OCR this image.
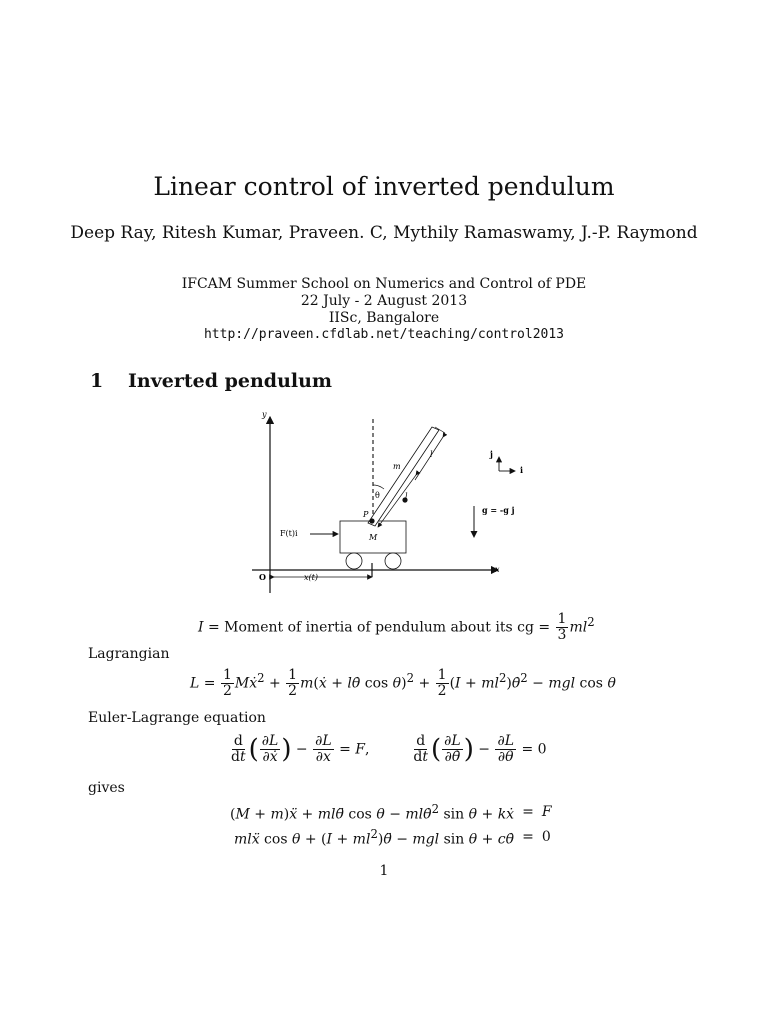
Linear control of inverted pendulum
Deep Ray, Ritesh Kumar, Praveen. C, Mythily Ramaswamy, J.-P. Raymond
IFCAM Summer School on Numerics and Control of PDE
22 July - 2 August 2013
IISc, Bangalore
http://praveen.cfdlab.net/teaching/control2013
1 Inverted pendulum
y
x
O	x(t)
M
F(t)i
P
m
θ
l
l
j
i
g = -g j
I = Moment of inertia of pendulum about its cg = $\frac{1}{3} ml^2$
Lagrangian
$L = \frac{1}{2}$ Mẋ$^2$ + $\frac{1}{2}$ m(ẋ + lθ̇ $\cos \theta)^2 + \frac{1}{2} (I$ + $ml^2)\thetȧ^2$ − mgl cos θ
Euler-Lagrange equation
$\frac{d}{dt}$ ( $\frac{\partial L}{\text{∂ẋ}}$ ) − $\frac{\partial L}{\partial x} = F$,	$\frac{d}{dt}$ ( $\frac{\partial L}{\partial\thetȧ}$ ) − $\frac{\partial L}{\partial\theta} = 0$
gives
(M + m)ẍ + mlθ̈ cos θ − mlθ̇$^2$ sin θ + kẋ	=	F
mlẍ $\cos \theta + (I + ml^2)\thetä$ − mgl sin θ + cθ̇	=	0
1
